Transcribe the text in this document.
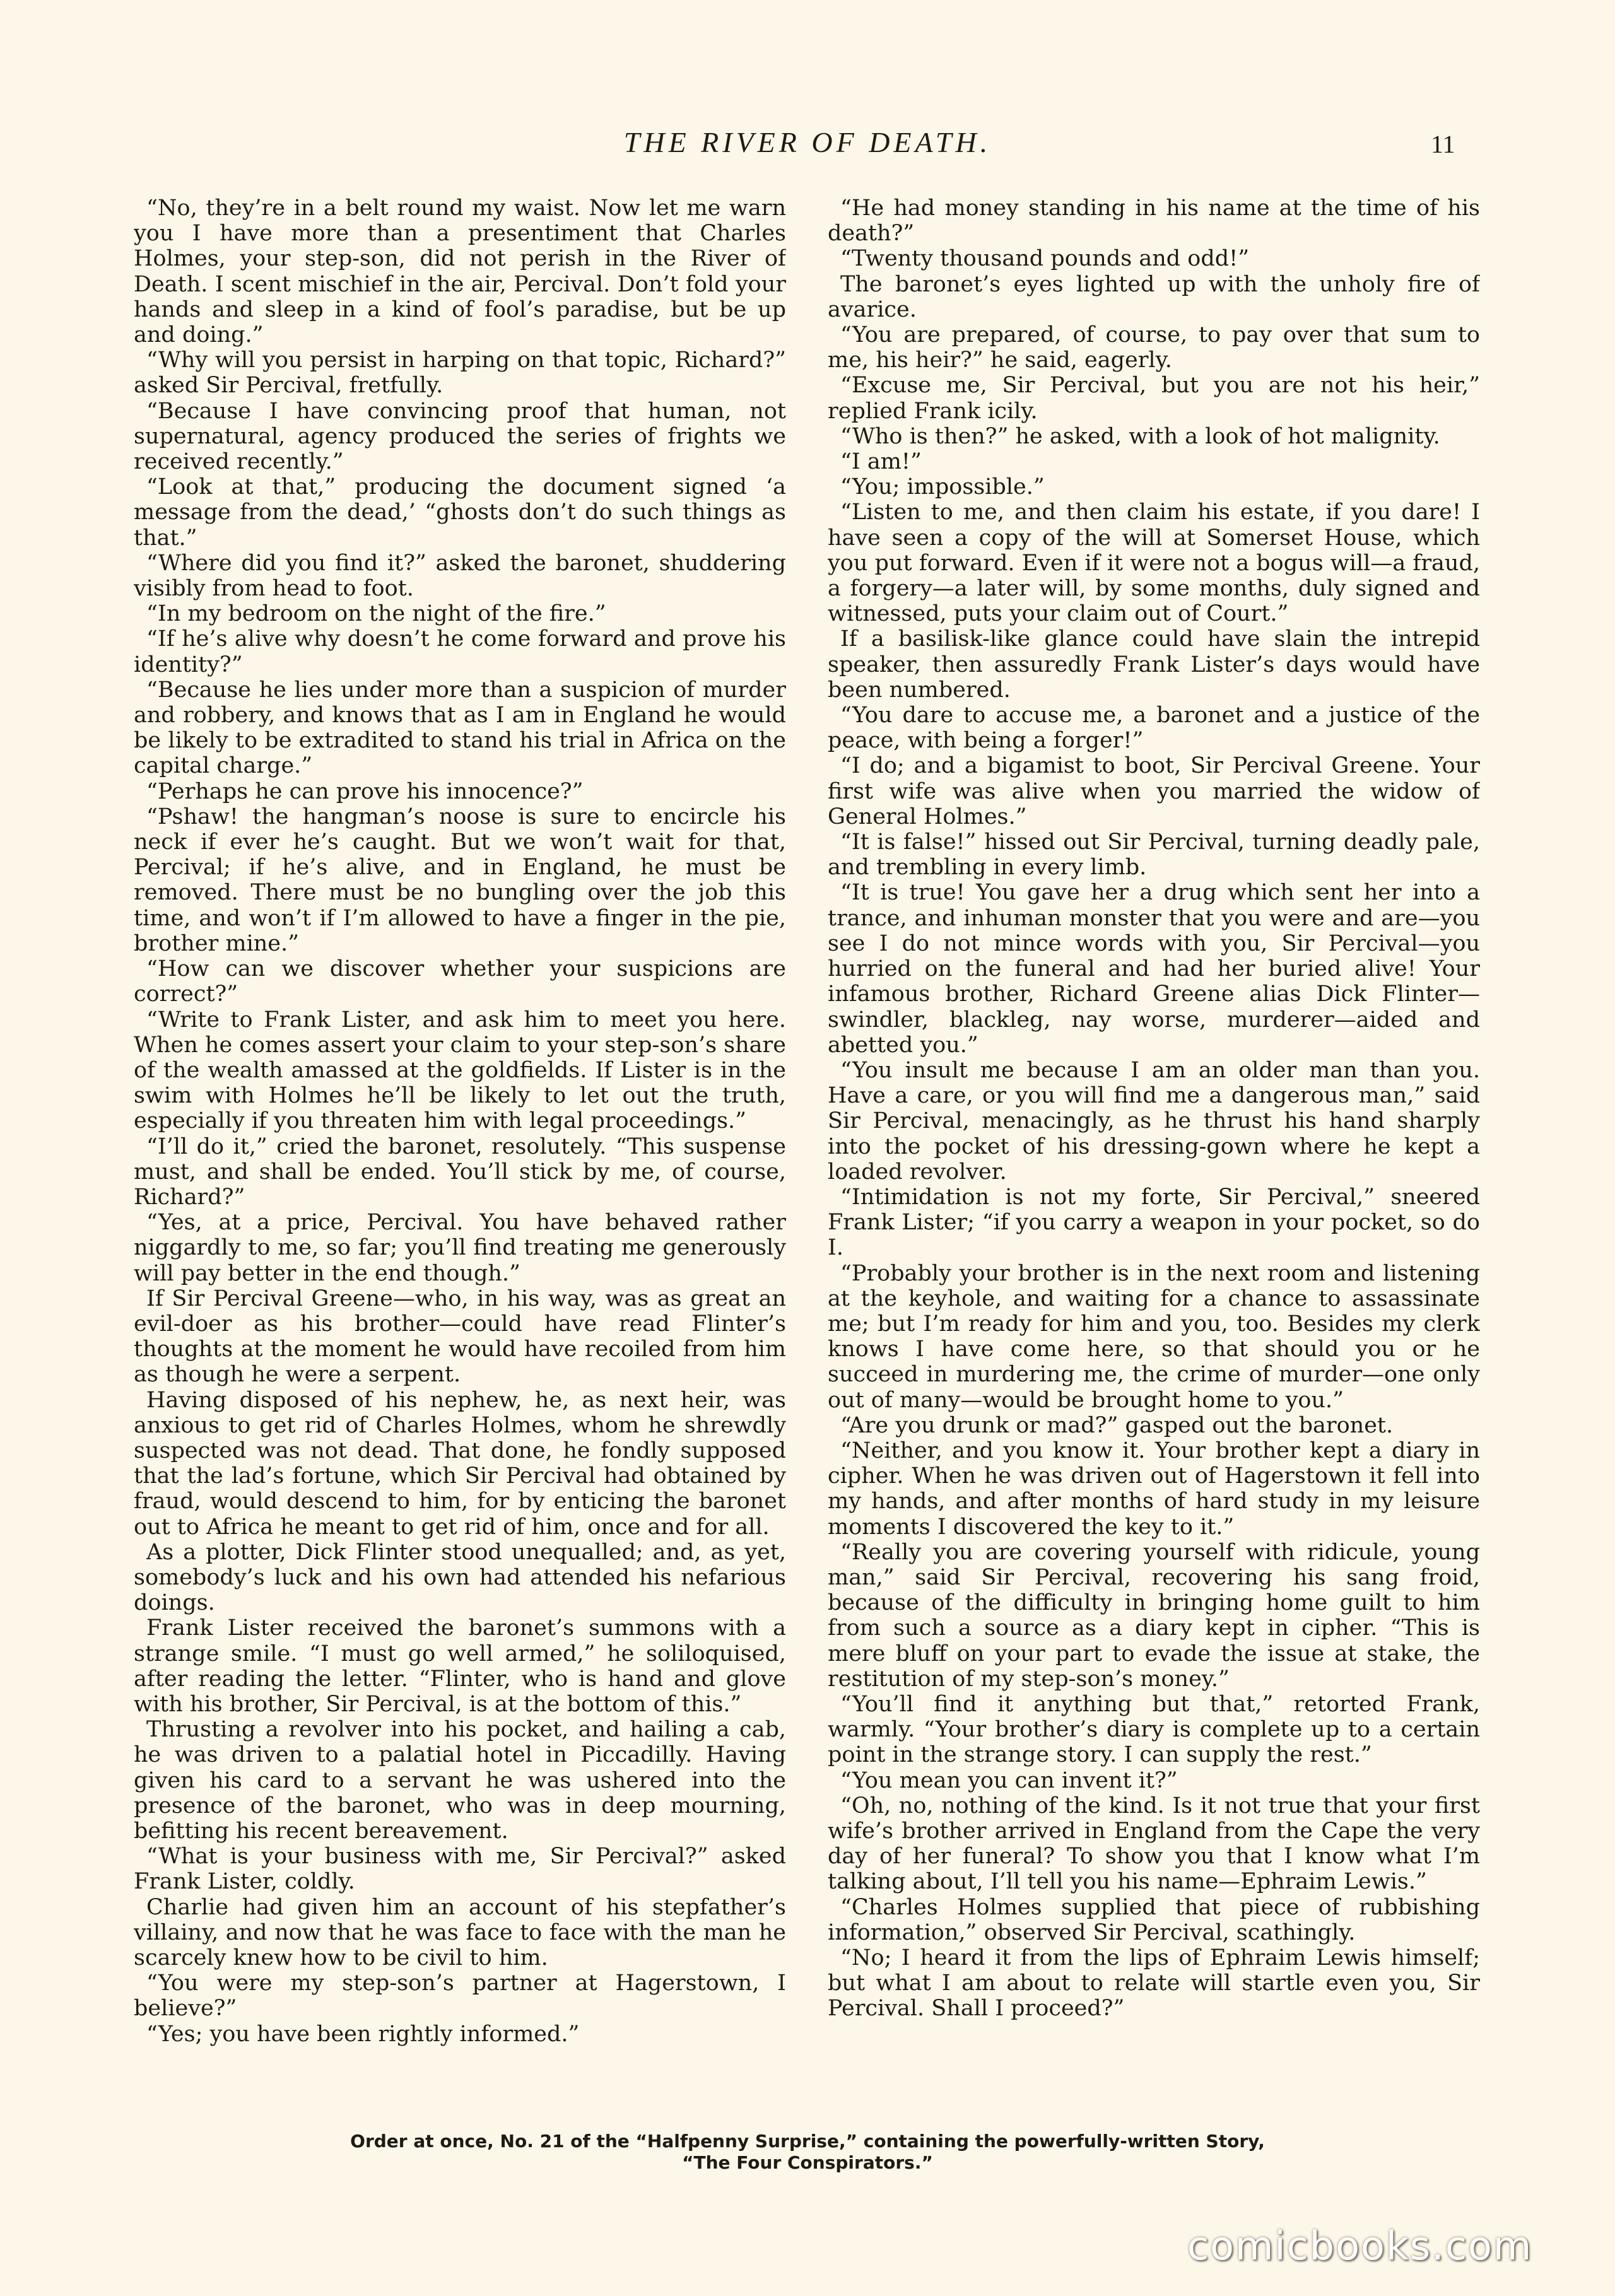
THE RIVER OF DEATH.	11

“No, they’re in a belt round my waist. Now let me warn you I have more than a presentiment that Charles Holmes, your step-son, did not perish in the River of Death. I scent mischief in the air, Percival. Don’t fold your hands and sleep in a kind of fool’s paradise, but be up and doing.”

“Why will you persist in harping on that topic, Richard?” asked Sir Percival, fretfully.

“Because I have convincing proof that human, not supernatural, agency produced the series of frights we received recently.”

“Look at that,” producing the document signed ‘a message from the dead,’ “ghosts don’t do such things as that.”

“Where did you find it?” asked the baronet, shuddering visibly from head to foot.

“In my bedroom on the night of the fire.”

“If he’s alive why doesn’t he come forward and prove his identity?”

“Because he lies under more than a suspicion of murder and robbery, and knows that as I am in England he would be likely to be extradited to stand his trial in Africa on the capital charge.”

“Perhaps he can prove his innocence?”

“Pshaw! the hangman’s noose is sure to encircle his neck if ever he’s caught. But we won’t wait for that, Percival; if he’s alive, and in England, he must be removed. There must be no bungling over the job this time, and won’t if I’m allowed to have a finger in the pie, brother mine.”

“How can we discover whether your suspicions are correct?”

“Write to Frank Lister, and ask him to meet you here. When he comes assert your claim to your step-son’s share of the wealth amassed at the goldfields. If Lister is in the swim with Holmes he’ll be likely to let out the truth, especially if you threaten him with legal proceedings.”

“I’ll do it,” cried the baronet, resolutely. “This suspense must, and shall be ended. You’ll stick by me, of course, Richard?”

“Yes, at a price, Percival. You have behaved rather niggardly to me, so far; you’ll find treating me generously will pay better in the end though.”

If Sir Percival Greene—who, in his way, was as great an evil-doer as his brother—could have read Flinter’s thoughts at the moment he would have recoiled from him as though he were a serpent.

Having disposed of his nephew, he, as next heir, was anxious to get rid of Charles Holmes, whom he shrewdly suspected was not dead. That done, he fondly supposed that the lad’s fortune, which Sir Percival had obtained by fraud, would descend to him, for by enticing the baronet out to Africa he meant to get rid of him, once and for all.

As a plotter, Dick Flinter stood unequalled; and, as yet, somebody’s luck and his own had attended his nefarious doings.

Frank Lister received the baronet’s summons with a strange smile. “I must go well armed,” he soliloquised, after reading the letter. “Flinter, who is hand and glove with his brother, Sir Percival, is at the bottom of this.”

Thrusting a revolver into his pocket, and hailing a cab, he was driven to a palatial hotel in Piccadilly. Having given his card to a servant he was ushered into the presence of the baronet, who was in deep mourning, befitting his recent bereavement.

“What is your business with me, Sir Percival?” asked Frank Lister, coldly.

Charlie had given him an account of his stepfather’s villainy, and now that he was face to face with the man he scarcely knew how to be civil to him.

“You were my step-son’s partner at Hagerstown, I believe?”

“Yes; you have been rightly informed.”

“He had money standing in his name at the time of his death?”

“Twenty thousand pounds and odd!”

The baronet’s eyes lighted up with the unholy fire of avarice.

“You are prepared, of course, to pay over that sum to me, his heir?” he said, eagerly.

“Excuse me, Sir Percival, but you are not his heir,” replied Frank icily.

“Who is then?” he asked, with a look of hot malignity.

“I am!”

“You; impossible.”

“Listen to me, and then claim his estate, if you dare! I have seen a copy of the will at Somerset House, which you put forward. Even if it were not a bogus will—a fraud, a forgery—a later will, by some months, duly signed and witnessed, puts your claim out of Court.”

If a basilisk-like glance could have slain the intrepid speaker, then assuredly Frank Lister’s days would have been numbered.

“You dare to accuse me, a baronet and a justice of the peace, with being a forger!”

“I do; and a bigamist to boot, Sir Percival Greene. Your first wife was alive when you married the widow of General Holmes.”

“It is false!” hissed out Sir Percival, turning deadly pale, and trembling in every limb.

“It is true! You gave her a drug which sent her into a trance, and inhuman monster that you were and are—you see I do not mince words with you, Sir Percival—you hurried on the funeral and had her buried alive! Your infamous brother, Richard Greene alias Dick Flinter—swindler, blackleg, nay worse, murderer—aided and abetted you.”

“You insult me because I am an older man than you. Have a care, or you will find me a dangerous man,” said Sir Percival, menacingly, as he thrust his hand sharply into the pocket of his dressing-gown where he kept a loaded revolver.

“Intimidation is not my forte, Sir Percival,” sneered Frank Lister; “if you carry a weapon in your pocket, so do I.

“Probably your brother is in the next room and listening at the keyhole, and waiting for a chance to assassinate me; but I’m ready for him and you, too. Besides my clerk knows I have come here, so that should you or he succeed in murdering me, the crime of murder—one only out of many—would be brought home to you.”

“Are you drunk or mad?” gasped out the baronet.

“Neither, and you know it. Your brother kept a diary in cipher. When he was driven out of Hagerstown it fell into my hands, and after months of hard study in my leisure moments I discovered the key to it.”

“Really you are covering yourself with ridicule, young man,” said Sir Percival, recovering his sang froid, because of the difficulty in bringing home guilt to him from such a source as a diary kept in cipher. “This is mere bluff on your part to evade the issue at stake, the restitution of my step-son’s money.”

“You’ll find it anything but that,” retorted Frank, warmly. “Your brother’s diary is complete up to a certain point in the strange story. I can supply the rest.”

“You mean you can invent it?”

“Oh, no, nothing of the kind. Is it not true that your first wife’s brother arrived in England from the Cape the very day of her funeral? To show you that I know what I’m talking about, I’ll tell you his name—Ephraim Lewis.”

“Charles Holmes supplied that piece of rubbishing information,” observed Sir Percival, scathingly.

“No; I heard it from the lips of Ephraim Lewis himself; but what I am about to relate will startle even you, Sir Percival. Shall I proceed?”

Order at once, No. 21 of the “Halfpenny Surprise,” containing the powerfully-written Story,
“The Four Conspirators.”
comicbooks.com
